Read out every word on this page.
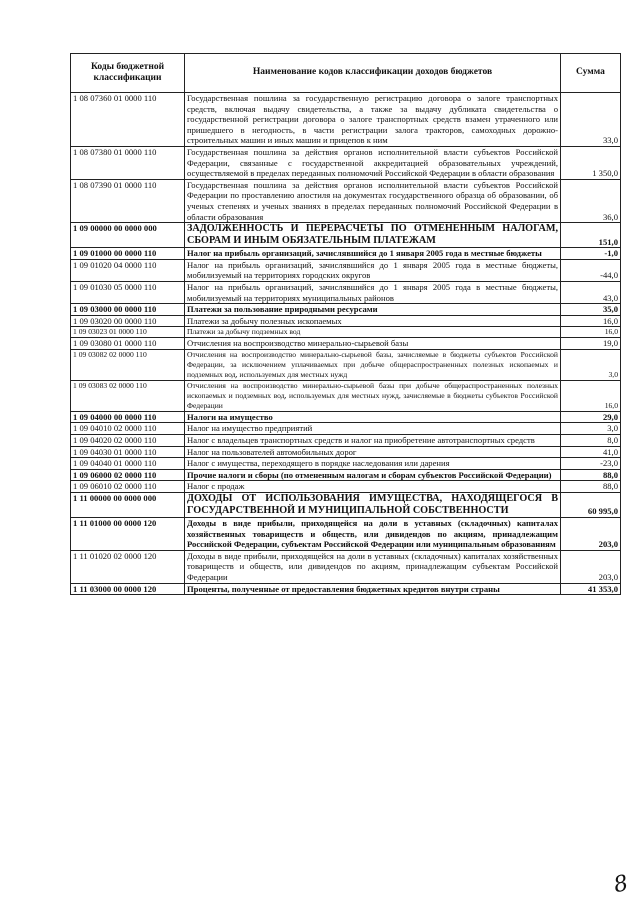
Коды бюджетной классификации	Наименование кодов классификации доходов бюджетов	Сумма
1 08 07360 01 0000 110	Государственная пошлина за государственную регистрацию договора о залоге транспортных средств, включая выдачу свидетельства, а также за выдачу дубликата свидетельства о государственной регистрации договора о залоге транспортных средств взамен утраченного или пришедшего в негодность, в части регистрации залога тракторов, самоходных дорожно-строительных машин и иных машин и прицепов к ним	33,0
1 08 07380 01 0000 110	Государственная пошлина за действия органов исполнительной власти субъектов Российской Федерации, связанные с государственной аккредитацией образовательных учреждений, осуществляемой в пределах переданных полномочий Российской Федерации в области образования	1 350,0
1 08 07390 01 0000 110	Государственная пошлина за действия органов исполнительной власти субъектов Российской Федерации по проставлению апостиля на документах государственного образца об образовании, об ученых степенях и ученых званиях в пределах переданных полномочий Российской Федерации в области образования	36,0
1 09 00000 00 0000 000	ЗАДОЛЖЕННОСТЬ И ПЕРЕРАСЧЕТЫ ПО ОТМЕНЕННЫМ НАЛОГАМ, СБОРАМ И ИНЫМ ОБЯЗАТЕЛЬНЫМ ПЛАТЕЖАМ	151,0
1 09 01000 00 0000 110	Налог на прибыль организаций, зачислявшийся до 1 января 2005 года в местные бюджеты	-1,0
1 09 01020 04 0000 110	Налог на прибыль организаций, зачислявшийся до 1 января 2005 года в местные бюджеты, мобилизуемый на территориях городских округов	-44,0
1 09 01030 05 0000 110	Налог на прибыль организаций, зачислявшийся до 1 января 2005 года в местные бюджеты, мобилизуемый на территориях муниципальных районов	43,0
1 09 03000 00 0000 110	Платежи за пользование природными ресурсами	35,0
1 09 03020 00 0000 110	Платежи за добычу полезных ископаемых	16,0
1 09 03023 01 0000 110	Платежи за добычу подземных вод	16,0
1 09 03080 01 0000 110	Отчисления на воспроизводство минерально-сырьевой базы	19,0
1 09 03082 02 0000 110	Отчисления на воспроизводство минерально-сырьевой базы, зачисляемые в бюджеты субъектов Российской Федерации, за исключением уплачиваемых при добыче общераспространенных полезных ископаемых и подземных вод, используемых для местных нужд	3,0
1 09 03083 02 0000 110	Отчисления на воспроизводство минерально-сырьевой базы при добыче общераспространенных полезных ископаемых и подземных вод, используемых для местных нужд, зачисляемые в бюджеты субъектов Российской Федерации	16,0
1 09 04000 00 0000 110	Налоги на имущество	29,0
1 09 04010 02 0000 110	Налог на имущество предприятий	3,0
1 09 04020 02 0000 110	Налог с владельцев транспортных средств и налог на приобретение автотранспортных средств	8,0
1 09 04030 01 0000 110	Налог на пользователей автомобильных дорог	41,0
1 09 04040 01 0000 110	Налог с имущества, переходящего в порядке наследования или дарения	-23,0
1 09 06000 02 0000 110	Прочие налоги и сборы (по отмененным налогам и сборам субъектов Российской Федерации)	88,0
1 09 06010 02 0000 110	Налог с продаж	88,0
1 11 00000 00 0000 000	ДОХОДЫ ОТ ИСПОЛЬЗОВАНИЯ ИМУЩЕСТВА, НАХОДЯЩЕГОСЯ В ГОСУДАРСТВЕННОЙ И МУНИЦИПАЛЬНОЙ СОБСТВЕННОСТИ	60 995,0
1 11 01000 00 0000 120	Доходы в виде прибыли, приходящейся на доли в уставных (складочных) капиталах хозяйственных товариществ и обществ, или дивидендов по акциям, принадлежащим Российской Федерации, субъектам Российской Федерации или муниципальным образованиям	203,0
1 11 01020 02 0000 120	Доходы в виде прибыли, приходящейся на доли в уставных (складочных) капиталах хозяйственных товариществ и обществ, или дивидендов по акциям, принадлежащим субъектам Российской Федерации	203,0
1 11 03000 00 0000 120	Проценты, полученные от предоставления бюджетных кредитов внутри страны	41 353,0
8
